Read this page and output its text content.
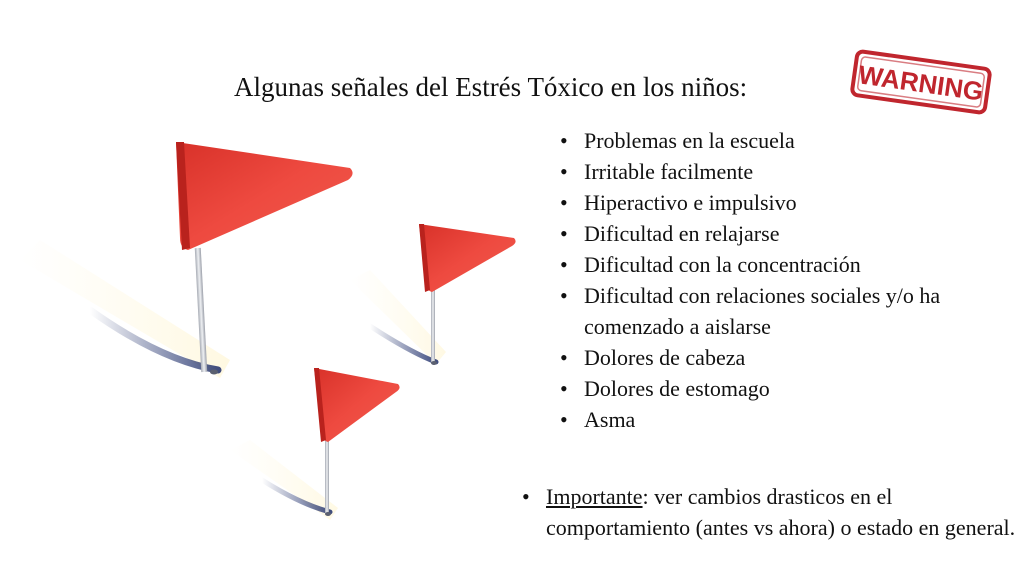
Algunas señales del Estrés Tóxico en los niños:	WARNING
• Problemas en la escuela
• Irritable facilmente
• Hiperactivo e impulsivo
• Dificultad en relajarse
• Dificultad con la concentración
• Dificultad con relaciones sociales y/o ha comenzado a aislarse
• Dolores de cabeza
• Dolores de estomago
• Asma
• Importante: ver cambios drasticos en el comportamiento (antes vs ahora) o estado en general.
